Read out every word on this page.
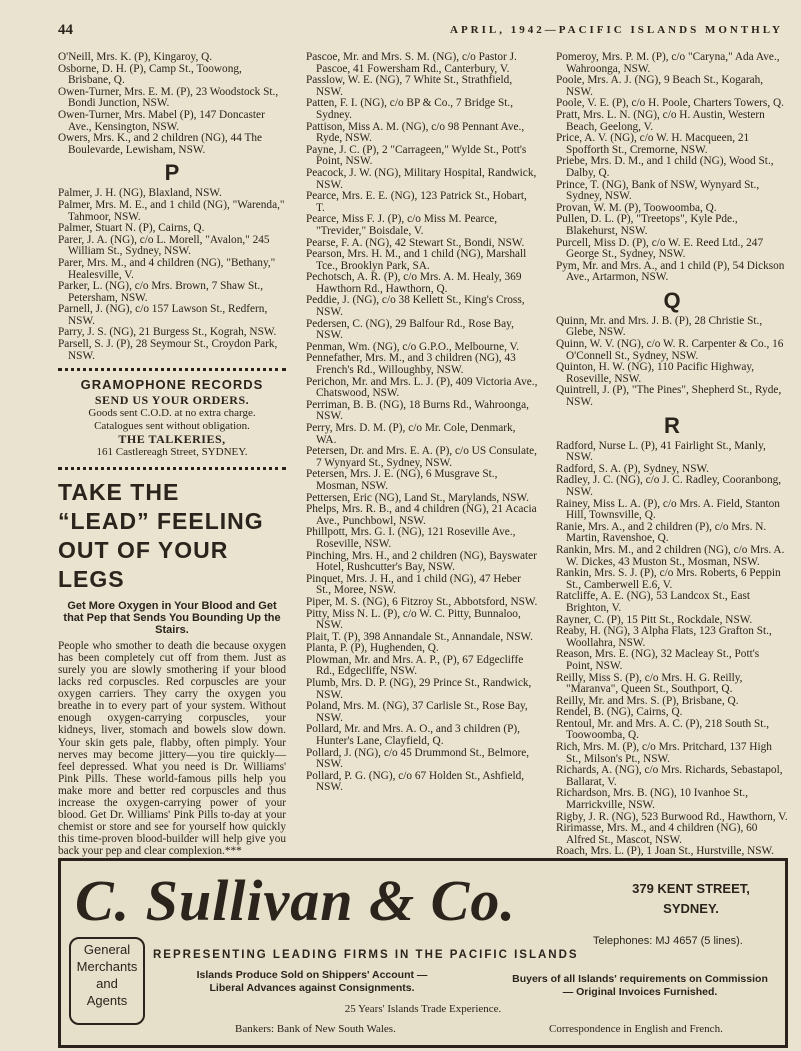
44	APRIL, 1942—PACIFIC ISLANDS MONTHLY

O'Neill, Mrs. K. (P), Kingaroy, Q.

Osborne, D. H. (P), Camp St., Toowong, Brisbane, Q.

Owen-Turner, Mrs. E. M. (P), 23 Woodstock St., Bondi Junction, NSW.

Owen-Turner, Mrs. Mabel (P), 147 Doncaster Ave., Kensington, NSW.

Owers, Mrs. K., and 2 children (NG), 44 The Boulevarde, Lewisham, NSW.

P

Palmer, J. H. (NG), Blaxland, NSW.

Palmer, Mrs. M. E., and 1 child (NG), "Warenda," Tahmoor, NSW.

Palmer, Stuart N. (P), Cairns, Q.

Parer, J. A. (NG), c/o L. Morell, "Avalon," 245 William St., Sydney, NSW.

Parer, Mrs. M., and 4 children (NG), "Bethany," Healesville, V.

Parker, L. (NG), c/o Mrs. Brown, 7 Shaw St., Petersham, NSW.

Parnell, J. (NG), c/o 157 Lawson St., Redfern, NSW.

Parry, J. S. (NG), 21 Burgess St., Kograh, NSW.

Parsell, S. J. (P), 28 Seymour St., Croydon Park, NSW.

GRAMOPHONE RECORDS
SEND US YOUR ORDERS.
Goods sent C.O.D. at no extra charge.
Catalogues sent without obligation.
THE TALKERIES,
161 Castlereagh Street, SYDNEY.
TAKE THE
“LEAD” FEELING
OUT OF YOUR LEGS
Get More Oxygen in Your Blood and Get that Pep that Sends You Bounding Up the Stairs.
People who smother to death die because oxygen has been completely cut off from them. Just as surely you are slowly smothering if your blood lacks red corpuscles. Red corpuscles are your oxygen carriers. They carry the oxygen you breathe in to every part of your system. Without enough oxygen-carrying corpuscles, your kidneys, liver, stomach and bowels slow down. Your skin gets pale, flabby, often pimply. Your nerves may become jittery—you tire quickly—feel depressed. What you need is Dr. Williams' Pink Pills. These world-famous pills help you make more and better red corpuscles and thus increase the oxygen-carrying power of your blood. Get Dr. Williams' Pink Pills to-day at your chemist or store and see for yourself how quickly this time-proven blood-builder will help give you back your pep and clear complexion.***

Pascoe, Mr. and Mrs. S. M. (NG), c/o Pastor J. Pascoe, 41 Fowersham Rd., Canterbury, V.

Passlow, W. E. (NG), 7 White St., Strathfield, NSW.

Patten, F. I. (NG), c/o BP & Co., 7 Bridge St., Sydney.

Pattison, Miss A. M. (NG), c/o 98 Pennant Ave., Ryde, NSW.

Payne, J. C. (P), 2 "Carrageen," Wylde St., Pott's Point, NSW.

Peacock, J. W. (NG), Military Hospital, Randwick, NSW.

Pearce, Mrs. E. E. (NG), 123 Patrick St., Hobart, T.

Pearce, Miss F. J. (P), c/o Miss M. Pearce, "Trevider," Boisdale, V.

Pearse, F. A. (NG), 42 Stewart St., Bondi, NSW.

Pearson, Mrs. H. M., and 1 child (NG), Marshall Tce., Brooklyn Park, SA.

Pechotsch, A. R. (P), c/o Mrs. A. M. Healy, 369 Hawthorn Rd., Hawthorn, Q.

Peddie, J. (NG), c/o 38 Kellett St., King's Cross, NSW.

Pedersen, C. (NG), 29 Balfour Rd., Rose Bay, NSW.

Penman, Wm. (NG), c/o G.P.O., Melbourne, V.

Pennefather, Mrs. M., and 3 children (NG), 43 French's Rd., Willoughby, NSW.

Perichon, Mr. and Mrs. L. J. (P), 409 Victoria Ave., Chatswood, NSW.

Perriman, B. B. (NG), 18 Burns Rd., Wahroonga, NSW.

Perry, Mrs. D. M. (P), c/o Mr. Cole, Denmark, WA.

Petersen, Dr. and Mrs. E. A. (P), c/o US Consulate, 7 Wynyard St., Sydney, NSW.

Petersen, Mrs. J. E. (NG), 6 Musgrave St., Mosman, NSW.

Pettersen, Eric (NG), Land St., Marylands, NSW.

Phelps, Mrs. R. B., and 4 children (NG), 21 Acacia Ave., Punchbowl, NSW.

Phillpott, Mrs. G. I. (NG), 121 Roseville Ave., Roseville, NSW.

Pinching, Mrs. H., and 2 children (NG), Bayswater Hotel, Rushcutter's Bay, NSW.

Pinquet, Mrs. J. H., and 1 child (NG), 47 Heber St., Moree, NSW.

Piper, M. S. (NG), 6 Fitzroy St., Abbotsford, NSW.

Pitty, Miss N. L. (P), c/o W. C. Pitty, Bunnaloo, NSW.

Plait, T. (P), 398 Annandale St., Annandale, NSW.

Planta, P. (P), Hughenden, Q.

Plowman, Mr. and Mrs. A. P., (P), 67 Edgecliffe Rd., Edgecliffe, NSW.

Plumb, Mrs. D. P. (NG), 29 Prince St., Randwick, NSW.

Poland, Mrs. M. (NG), 37 Carlisle St., Rose Bay, NSW.

Pollard, Mr. and Mrs. A. O., and 3 children (P), Hunter's Lane, Clayfield, Q.

Pollard, J. (NG), c/o 45 Drummond St., Belmore, NSW.

Pollard, P. G. (NG), c/o 67 Holden St., Ashfield, NSW.

Pomeroy, Mrs. P. M. (P), c/o "Caryna," Ada Ave., Wahroonga, NSW.

Poole, Mrs. A. J. (NG), 9 Beach St., Kogarah, NSW.

Poole, V. E. (P), c/o H. Poole, Charters Towers, Q.

Pratt, Mrs. L. N. (NG), c/o H. Austin, Western Beach, Geelong, V.

Price, A. V. (NG), c/o W. H. Macqueen, 21 Spofforth St., Cremorne, NSW.

Priebe, Mrs. D. M., and 1 child (NG), Wood St., Dalby, Q.

Prince, T. (NG), Bank of NSW, Wynyard St., Sydney, NSW.

Provan, W. M. (P), Toowoomba, Q.

Pullen, D. L. (P), "Treetops", Kyle Pde., Blakehurst, NSW.

Purcell, Miss D. (P), c/o W. E. Reed Ltd., 247 George St., Sydney, NSW.

Pym, Mr. and Mrs. A., and 1 child (P), 54 Dickson Ave., Artarmon, NSW.

Q

Quinn, Mr. and Mrs. J. B. (P), 28 Christie St., Glebe, NSW.

Quinn, W. V. (NG), c/o W. R. Carpenter & Co., 16 O'Connell St., Sydney, NSW.

Quinton, H. W. (NG), 110 Pacific Highway, Roseville, NSW.

Quintrell, J. (P), "The Pines", Shepherd St., Ryde, NSW.

R

Radford, Nurse L. (P), 41 Fairlight St., Manly, NSW.

Radford, S. A. (P), Sydney, NSW.

Radley, J. C. (NG), c/o J. C. Radley, Cooranbong, NSW.

Rainey, Miss L. A. (P), c/o Mrs. A. Field, Stanton Hill, Townsville, Q.

Ranie, Mrs. A., and 2 children (P), c/o Mrs. N. Martin, Ravenshoe, Q.

Rankin, Mrs. M., and 2 children (NG), c/o Mrs. A. W. Dickes, 43 Muston St., Mosman, NSW.

Rankin, Mrs. S. J. (P), c/o Mrs. Roberts, 6 Peppin St., Camberwell E.6, V.

Ratcliffe, A. E. (NG), 53 Landcox St., East Brighton, V.

Rayner, C. (P), 15 Pitt St., Rockdale, NSW.

Reaby, H. (NG), 3 Alpha Flats, 123 Grafton St., Woollahra, NSW.

Reason, Mrs. E. (NG), 32 Macleay St., Pott's Point, NSW.

Reilly, Miss S. (P), c/o Mrs. H. G. Reilly, "Maranva", Queen St., Southport, Q.

Reilly, Mr. and Mrs. S. (P), Brisbane, Q.

Rendel, B. (NG), Cairns, Q.

Rentoul, Mr. and Mrs. A. C. (P), 218 South St., Toowoomba, Q.

Rich, Mrs. M. (P), c/o Mrs. Pritchard, 137 High St., Milson's Pt., NSW.

Richards, A. (NG), c/o Mrs. Richards, Sebastapol, Ballarat, V.

Richardson, Mrs. B. (NG), 10 Ivanhoe St., Marrickville, NSW.

Rigby, J. R. (NG), 523 Burwood Rd., Hawthorn, V.

Ririmasse, Mrs. M., and 4 children (NG), 60 Alfred St., Mascot, NSW.

Roach, Mrs. L. (P), 1 Joan St., Hurstville, NSW.

C. Sullivan & Co.	379 KENT STREET,
SYDNEY.
General
Merchants
and
Agents
REPRESENTING LEADING FIRMS IN THE PACIFIC ISLANDS
Telephones: MJ 4657 (5 lines).
Islands Produce Sold on Shippers' Account —
Liberal Advances against Consignments.
Buyers of all Islands' requirements on Commission — Original Invoices Furnished.
25 Years' Islands Trade Experience.
Bankers: Bank of New South Wales.	Correspondence in English and French.
